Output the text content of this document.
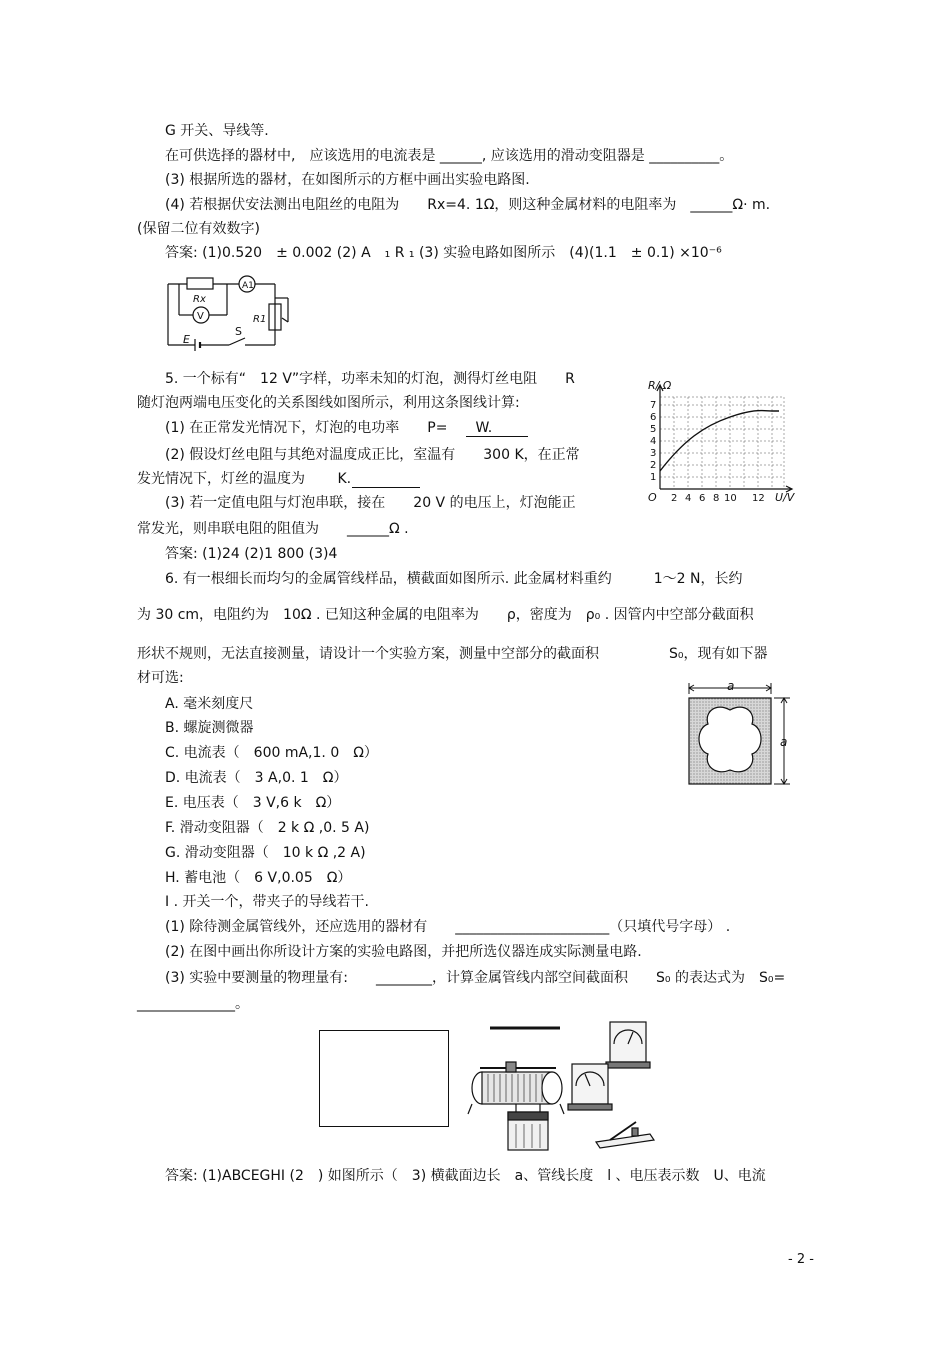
G 开关、导线等.
在可供选择的器材中,　应该选用的电流表是 ______, 应该选用的滑动变阻器是 __________。
(3) 根据所选的器材，在如图所示的方框中画出实验电路图.
(4) 若根据伏安法测出电阻丝的电阻为　　Rx=4. 1Ω，则这种金属材料的电阻率为　______Ω· m.
(保留二位有效数字)
答案: (1)0.520　± 0.002 (2) A　₁ R ₁ (3) 实验电路如图所示　(4)(1.1　± 0.1) ×10⁻⁶
Rx
A1
V	R1
E
S
5. 一个标有“　12 V”字样，功率未知的灯泡，测得灯丝电阻　　R
随灯泡两端电压变化的关系图线如图所示，利用这条图线计算:
(1) 在正常发光情况下，灯泡的电功率　　P=　　W.
(2) 假设灯丝电阻与其绝对温度成正比，室温有　　300 K，在正常
发光情况下，灯丝的温度为　　 K.
(3) 若一定值电阻与灯泡串联，接在　　20 V 的电压上，灯泡能正
常发光，则串联电阻的阻值为　　______Ω .
答案: (1)24 (2)1 800 (3)4
R/ Ω
O	U/V
1
2
3
4
5
6
7
2 4 6 8 10 12
6. 有一根细长而均匀的金属管线样品，横截面如图所示. 此金属材料重约　　　1～2 N，长约
为 30 cm，电阻约为　10Ω . 已知这种金属的电阻率为　　ρ，密度为　ρ₀ . 因管内中空部分截面积
形状不规则，无法直接测量，请设计一个实验方案，测量中空部分的截面积　　　　　S₀，现有如下器
材可选:
A. 毫米刻度尺
B. 螺旋测微器
C. 电流表（　600 mA,1. 0　Ω）
D. 电流表（　3 A,0. 1　Ω）
E. 电压表（　3 V,6 k　Ω）
F. 滑动变阻器（　2 k Ω ,0. 5 A)
G. 滑动变阻器（　10 k Ω ,2 A)
H. 蓄电池（　6 V,0.05　Ω）
I . 开关一个，带夹子的导线若干.
(1) 除待测金属管线外，还应选用的器材有　　______________________（只填代号字母） .
(2) 在图中画出你所设计方案的实验电路图，并把所选仪器连成实际测量电路.
(3) 实验中要测量的物理量有:　　________，计算金属管线内部空间截面积　　S₀ 的表达式为　S₀=
______________。
a
a
答案: (1)ABCEGHI (2　) 如图所示（　3) 横截面边长　a、管线长度　l 、电压表示数　U、电流
- 2 -
